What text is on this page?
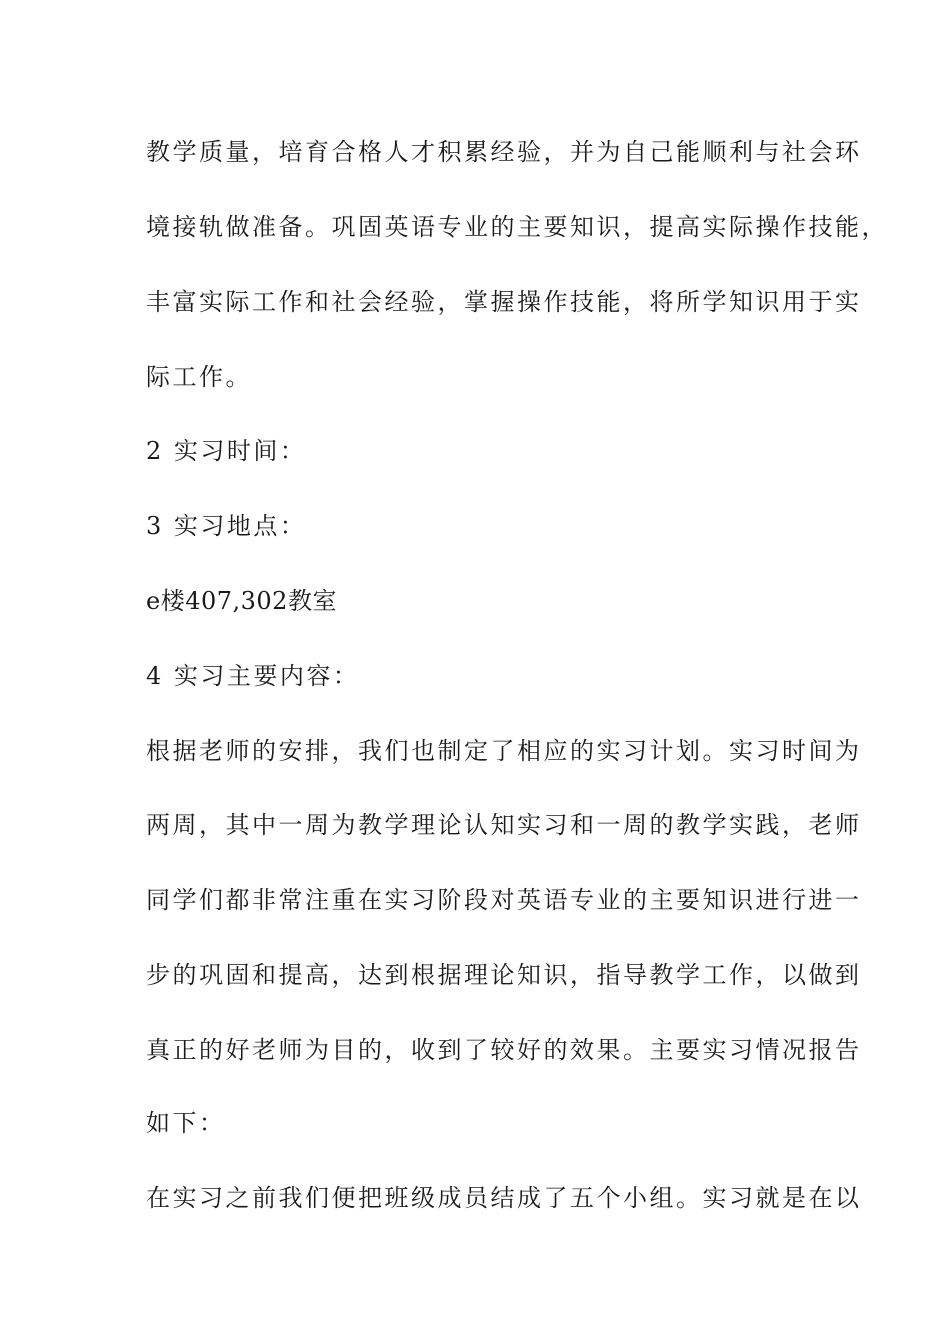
教学质量，培育合格人才积累经验，并为自己能顺利与社会环
境接轨做准备。巩固英语专业的主要知识，提高实际操作技能，
丰富实际工作和社会经验，掌握操作技能，将所学知识用于实
际工作。
2 实习时间：
3 实习地点：
e楼407,302教室
4 实习主要内容：
根据老师的安排，我们也制定了相应的实习计划。实习时间为
两周，其中一周为教学理论认知实习和一周的教学实践，老师
同学们都非常注重在实习阶段对英语专业的主要知识进行进一
步的巩固和提高，达到根据理论知识，指导教学工作，以做到
真正的好老师为目的，收到了较好的效果。主要实习情况报告
如下：
在实习之前我们便把班级成员结成了五个小组。实习就是在以
